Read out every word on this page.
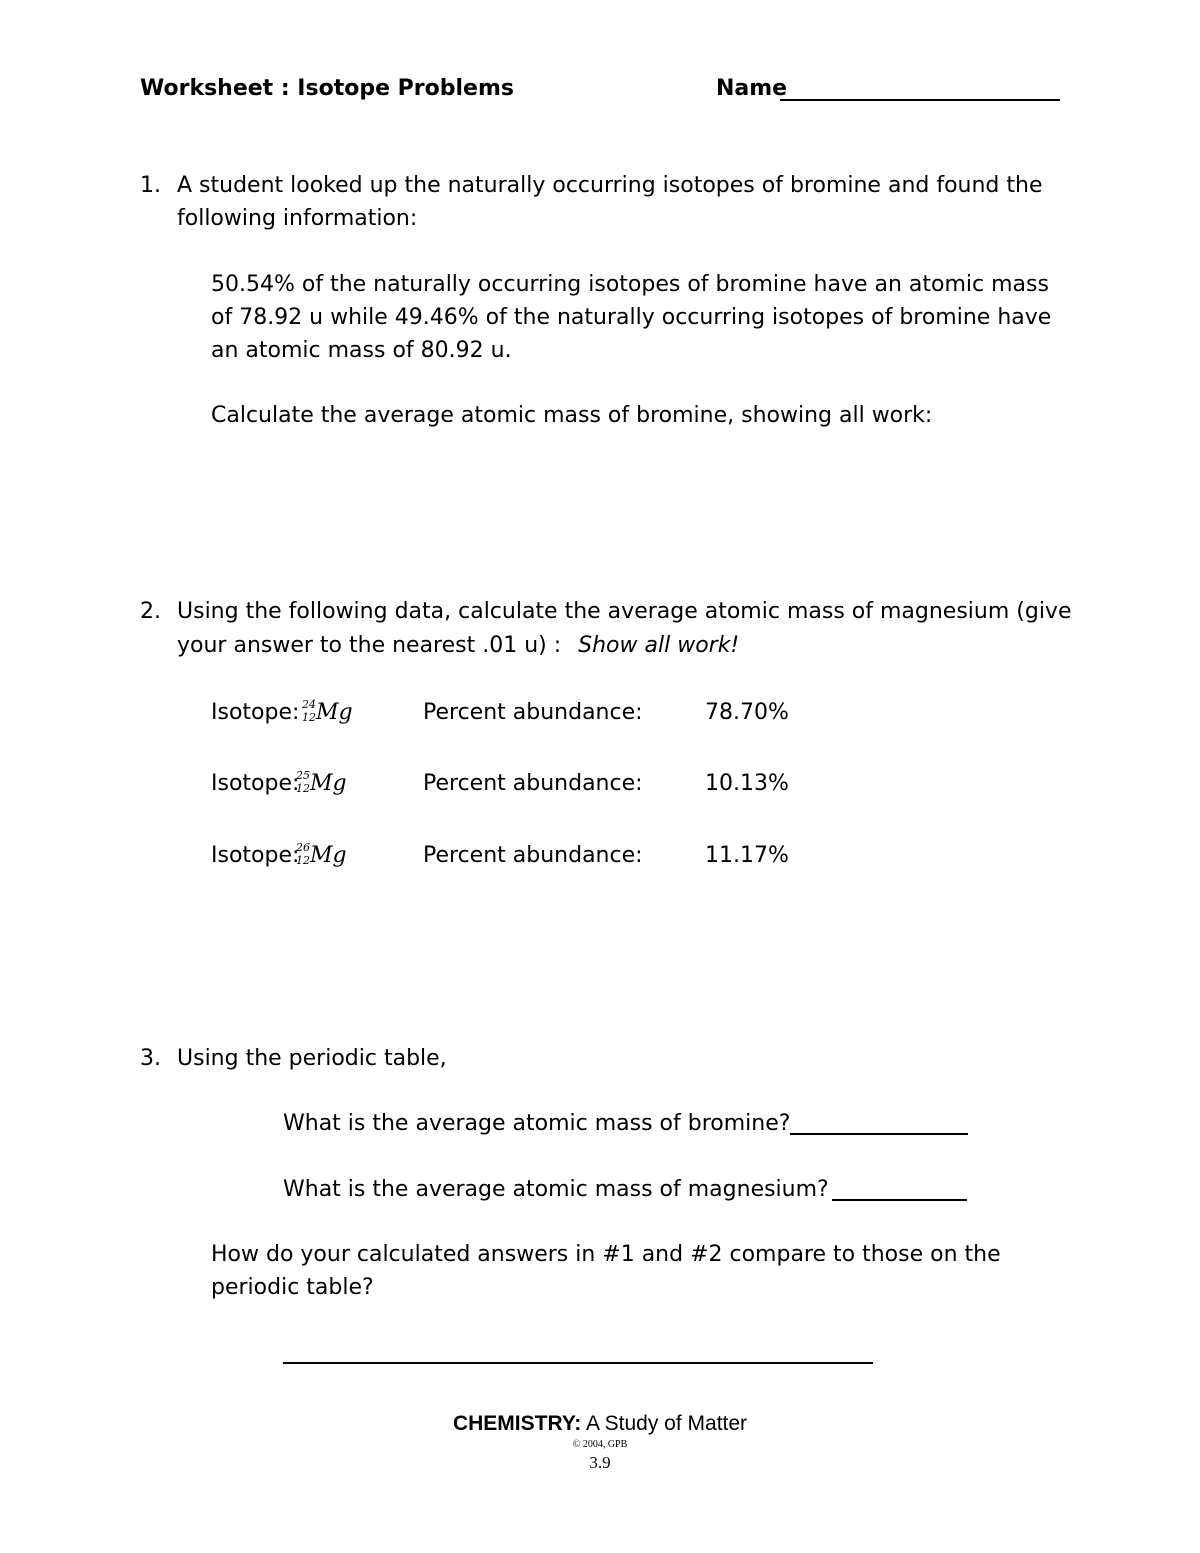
Worksheet : Isotope Problems	Name
1. A student looked up the naturally occurring isotopes of bromine and found the
following information:
50.54% of the naturally occurring isotopes of bromine have an atomic mass
of 78.92 u while 49.46% of the naturally occurring isotopes of bromine have
an atomic mass of 80.92 u.
Calculate the average atomic mass of bromine, showing all work:
2. Using the following data, calculate the average atomic mass of magnesium (give
your answer to the nearest .01 u) : Show all work!
Isotope: 24
12 Mg	Percent abundance:	78.70%
Isotope:
25
12 Mg	Percent abundance:	10.13%
Isotope:
26
12 Mg	Percent abundance:	11.17%
3. Using the periodic table,
What is the average atomic mass of bromine?
What is the average atomic mass of magnesium?
How do your calculated answers in #1 and #2 compare to those on the
periodic table?
CHEMISTRY: A Study of Matter
© 2004, GPB
3.9
